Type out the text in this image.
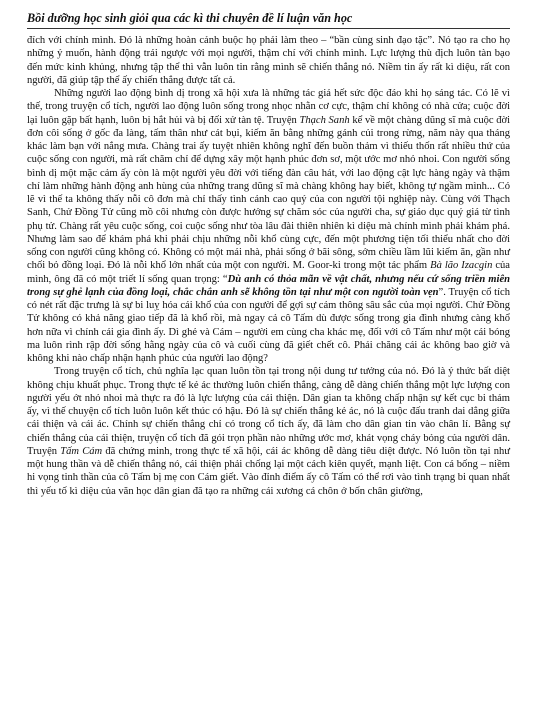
Bồi dưỡng học sinh giỏi qua các kì thi chuyên đề lí luận văn học

đích với chính mình. Đó là những hoàn cảnh buộc họ phải làm theo – “bần cùng sinh đạo tặc”. Nó tạo ra cho họ những ý muốn, hành động trái ngược với mọi người, thậm chí với chính mình. Lực lượng thù địch luôn tàn bạo đến mức kinh khủng, nhưng tập thể thì vẫn luôn tin rằng mình sẽ chiến thắng nó. Niềm tin ấy rất kì diệu, rất con người, đã giúp tập thể ấy chiến thắng được tất cả.

Những người lao động bình dị trong xã hội xưa là những tác giả hết sức độc đáo khi họ sáng tác. Có lẽ vì thế, trong truyện cổ tích, người lao động luôn sống trong nhọc nhằn cơ cực, thậm chí không có nhà cửa; cuộc đời lại luôn gặp bất hạnh, luôn bị hắt hủi và bị đối xử tàn tệ. Truyện Thạch Sanh kể về một chàng dũng sĩ mà cuộc đời đơn côi sống ở gốc đa làng, tấm thân như cát bụi, kiếm ăn bằng những gánh củi trong rừng, năm này qua tháng khác làm bạn với nắng mưa. Chàng trai ấy tuyệt nhiên không nghĩ đến buồn thảm vì thiếu thốn rất nhiều thứ của cuộc sống con người, mà rất chăm chỉ để dựng xây một hạnh phúc đơn sơ, một ước mơ nhỏ nhoi. Con người sống bình dị một mặc cảm ấy còn là một người yêu đời với tiếng đàn câu hát, với lao động cật lực hàng ngày và thậm chí làm những hành động anh hùng của những trang dũng sĩ mà chàng không hay biết, không tự ngầm mình... Có lẽ vì thế ta không thấy nỗi cô đơn mà chỉ thấy tình cảnh cao quý của con người tội nghiệp này. Cùng với Thạch Sanh, Chử Đồng Tử cũng mồ côi nhưng còn được hưởng sự chăm sóc của người cha, sự giáo dục quý giá từ tình phụ tử. Chàng rất yêu cuộc sống, coi cuộc sống như tòa lâu đài thiên nhiên kì diệu mà chính mình phải khám phá. Nhưng làm sao để khám phá khi phải chịu những nỗi khổ cùng cực, đến một phương tiện tối thiểu nhất cho đời sống con người cũng không có. Không có một mái nhà, phải sống ở bãi sông, sớm chiều lầm lũi kiếm ăn, gần như chối bỏ đồng loại. Đó là nỗi khổ lớn nhất của một con người. M. Goor-ki trong một tác phẩm Bà lão Izacgin của mình, ông đã có một triết lí sống quan trọng: “Dù anh có thỏa mãn về vật chất, nhưng nếu cứ sống triền miên trong sự ghẻ lạnh của đồng loại, chắc chắn anh sẽ không tồn tại như một con người toàn vẹn”. Truyện cổ tích có nét rất đặc trưng là sự bi luỵ hóa cái khổ của con người để gợi sự cảm thông sâu sắc của mọi người. Chử Đồng Tử không có khả năng giao tiếp đã là khổ rồi, mà ngay cả cô Tấm dù được sống trong gia đình nhưng càng khổ hơn nữa vì chính cái gia đình ấy. Dì ghẻ và Cám – người em cùng cha khác mẹ, đối với cô Tấm như một cái bóng ma luôn rình rập đời sống hằng ngày của cô và cuối cùng đã giết chết cô. Phải chăng cái ác không bao giờ và không khi nào chấp nhận hạnh phúc của người lao động?

Trong truyện cổ tích, chủ nghĩa lạc quan luôn tồn tại trong nội dung tư tưởng của nó. Đó là ý thức bất diệt không chịu khuất phục. Trong thực tế kẻ ác thường luôn chiến thắng, càng dễ dàng chiến thắng một lực lượng con người yếu ớt nhỏ nhoi mà thực ra đó là lực lượng của cái thiện. Dân gian ta không chấp nhận sự kết cục bi thảm ấy, vì thế chuyện cổ tích luôn luôn kết thúc có hậu. Đó là sự chiến thắng kẻ ác, nó là cuộc đấu tranh dai dẳng giữa cái thiện và cái ác. Chính sự chiến thắng chỉ có trong cổ tích ấy, đã làm cho dân gian tin vào chân lí. Bằng sự chiến thắng của cái thiện, truyện cổ tích đã gói trọn phần nào những ước mơ, khát vọng cháy bỏng của người dân. Truyện Tấm Cám đã chứng minh, trong thực tế xã hội, cái ác không dễ dàng tiêu diệt được. Nó luôn tồn tại như một hung thần và dễ chiến thắng nó, cái thiện phải chống lại một cách kiên quyết, mạnh liệt. Con cá bống – niềm hi vọng tinh thần của cô Tấm bị mẹ con Cám giết. Vào đỉnh điểm ấy cô Tấm có thể rơi vào tình trạng bi quan nhất thì yếu tố kì diệu của văn học dân gian đã tạo ra những cái xương cá chôn ở bốn chân giường,
